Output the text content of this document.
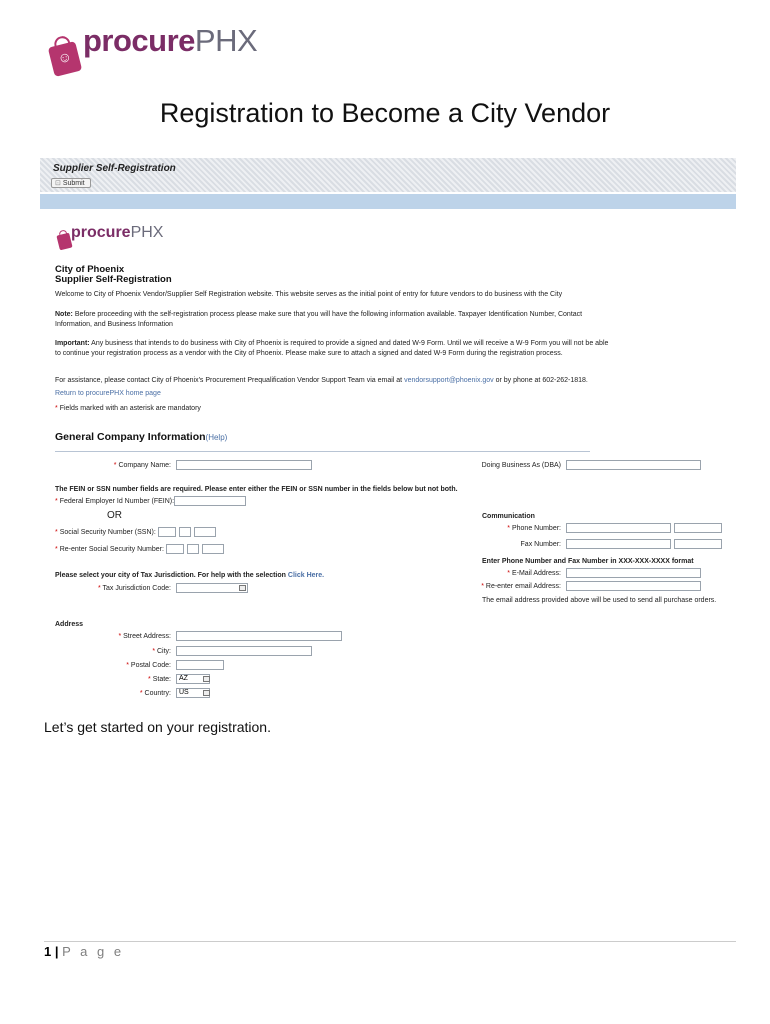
☺
procurePHX
Registration to Become a City Vendor
Supplier Self-Registration
⊡ Submit
procurePHX
City of Phoenix
Supplier Self-Registration
Welcome to City of Phoenix Vendor/Supplier Self Registration website. This website serves as the initial point of entry for future vendors to do business with the City
Note: Before proceeding with the self-registration process please make sure that you will have the following information available. Taxpayer Identification Number, Contact
Information, and Business Information
Important: Any business that intends to do business with City of Phoenix is required to provide a signed and dated W-9 Form. Until we will receive a W-9 Form you will not be able
to continue your registration process as a vendor with the City of Phoenix. Please make sure to attach a signed and dated W-9 Form during the registration process.
For assistance, please contact City of Phoenix's Procurement Prequalification Vendor Support Team via email at vendorsupport@phoenix.gov or by phone at 602-262-1818.
Return to procurePHX home page
* Fields marked with an asterisk are mandatory
General Company Information(Help)
* Company Name:	Doing Business As (DBA)
The FEIN or SSN number fields are required. Please enter either the FEIN or SSN number in the fields below but not both.
* Federal Employer Id Number (FEIN):
OR
* Social Security Number (SSN):
* Re-enter Social Security Number:
Please select your city of Tax Jurisdiction. For help with the selection Click Here.
* Tax Jurisdiction Code:
Communication
* Phone Number:
Fax Number:
Enter Phone Number and Fax Number in XXX-XXX-XXXX format
* E-Mail Address:
* Re-enter email Address:
The email address provided above will be used to send all purchase orders.
Address
* Street Address:
* City:
* Postal Code:
* State:	AZ
* Country:	US
Let’s get started on your registration.
1 | P a g e
